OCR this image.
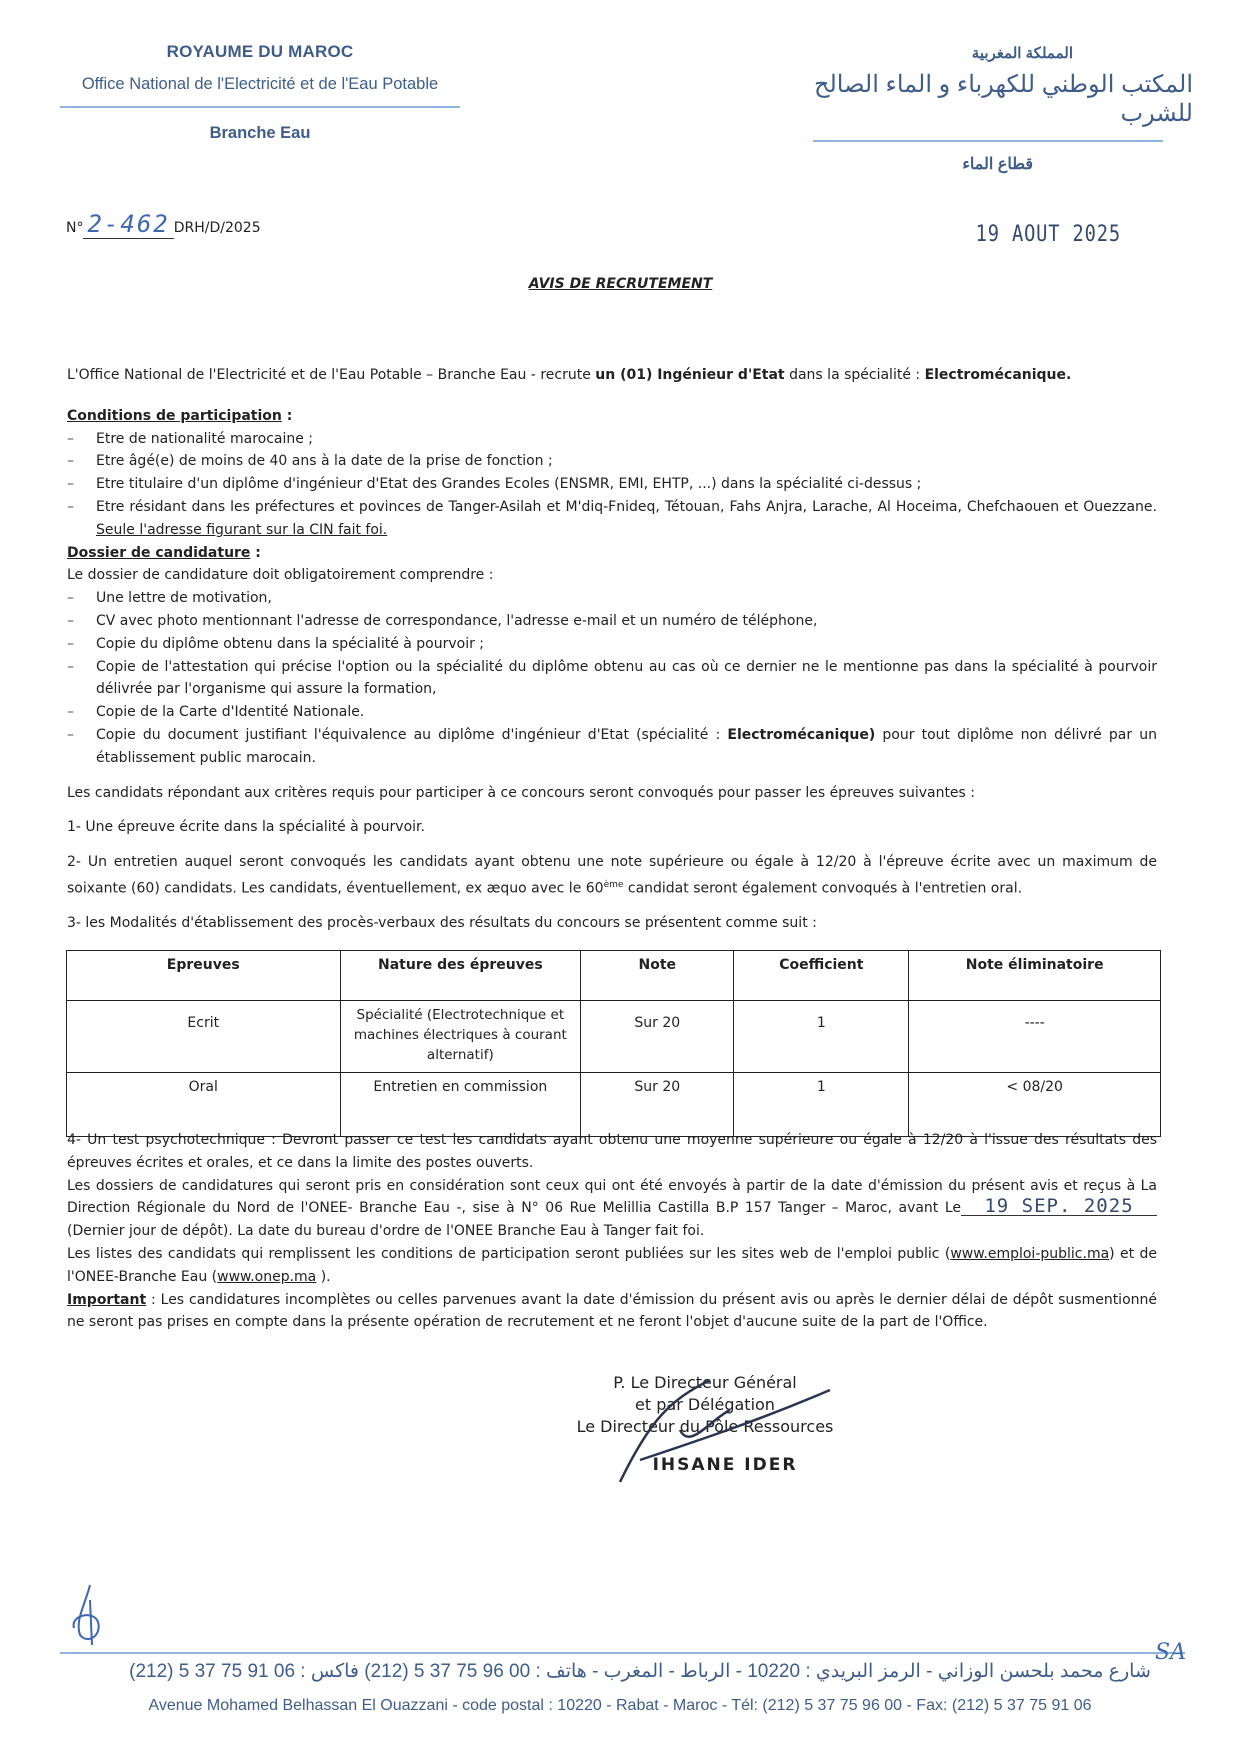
ROYAUME DU MAROC
Office National de l'Electricité et de l'Eau Potable
Branche Eau
المملكة المغربية
المكتب الوطني للكهرباء و الماء الصالح للشرب
قطاع الماء
N° 2-462 DRH/D/2025	19 AOUT 2025
AVIS DE RECRUTEMENT

L'Office National de l'Electricité et de l'Eau Potable – Branche Eau - recrute un (01) Ingénieur d'Etat dans la spécialité : Electromécanique.

Conditions de participation :

– Etre de nationalité marocaine ;
– Etre âgé(e) de moins de 40 ans à la date de la prise de fonction ;
– Etre titulaire d'un diplôme d'ingénieur d'Etat des Grandes Ecoles (ENSMR, EMI, EHTP, ...) dans la spécialité ci-dessus ;
– Etre résidant dans les préfectures et povinces de Tanger-Asilah et M'diq-Fnideq, Tétouan, Fahs Anjra, Larache, Al Hoceima, Chefchaouen et Ouezzane. Seule l'adresse figurant sur la CIN fait foi.

Dossier de candidature :

Le dossier de candidature doit obligatoirement comprendre :

– Une lettre de motivation,
– CV avec photo mentionnant l'adresse de correspondance, l'adresse e-mail et un numéro de téléphone,
– Copie du diplôme obtenu dans la spécialité à pourvoir ;
– Copie de l'attestation qui précise l'option ou la spécialité du diplôme obtenu au cas où ce dernier ne le mentionne pas dans la spécialité à pourvoir délivrée par l'organisme qui assure la formation,
– Copie de la Carte d'Identité Nationale.
– Copie du document justifiant l'équivalence au diplôme d'ingénieur d'Etat (spécialité : Electromécanique) pour tout diplôme non délivré par un établissement public marocain.

Les candidats répondant aux critères requis pour participer à ce concours seront convoqués pour passer les épreuves suivantes :

1- Une épreuve écrite dans la spécialité à pourvoir.

2- Un entretien auquel seront convoqués les candidats ayant obtenu une note supérieure ou égale à 12/20 à l'épreuve écrite avec un maximum de soixante (60) candidats. Les candidats, éventuellement, ex æquo avec le 60ème candidat seront également convoqués à l'entretien oral.

3- les Modalités d'établissement des procès-verbaux des résultats du concours se présentent comme suit :

Epreuves	Nature des épreuves	Note	Coefficient	Note éliminatoire
Ecrit	Spécialité (Electrotechnique et machines électriques à courant alternatif)	Sur 20	1	----
Oral	Entretien en commission	Sur 20	1	< 08/20

4- Un test psychotechnique : Devront passer ce test les candidats ayant obtenu une moyenne supérieure ou égale à 12/20 à l'issue des résultats des épreuves écrites et orales, et ce dans la limite des postes ouverts.

Les dossiers de candidatures qui seront pris en considération sont ceux qui ont été envoyés à partir de la date d'émission du présent avis et reçus à La Direction Régionale du Nord de l'ONEE- Branche Eau -, sise à N° 06 Rue Melillia Castilla B.P 157 Tanger – Maroc, avant Le 19 SEP. 2025(Dernier jour de dépôt). La date du bureau d'ordre de l'ONEE Branche Eau à Tanger fait foi.

Les listes des candidats qui remplissent les conditions de participation seront publiées sur les sites web de l'emploi public (www.emploi-public.ma) et de l'ONEE-Branche Eau (www.onep.ma ).

Important : Les candidatures incomplètes ou celles parvenues avant la date d'émission du présent avis ou après le dernier délai de dépôt susmentionné ne seront pas prises en compte dans la présente opération de recrutement et ne feront l'objet d'aucune suite de la part de l'Office.

P. Le Directeur Général
et par Délégation
Le Directeur du Pôle Ressources
IHSANE IDER
شارع محمد بلحسن الوزاني - الرمز البريدي : 10220 - الرباط - المغرب - هاتف : 00 96 75 37 5 (212) فاكس : 06 91 75 37 5 (212)
Avenue Mohamed Belhassan El Ouazzani - code postal : 10220 - Rabat - Maroc - Tél: (212) 5 37 75 96 00 - Fax: (212) 5 37 75 91 06
SA
